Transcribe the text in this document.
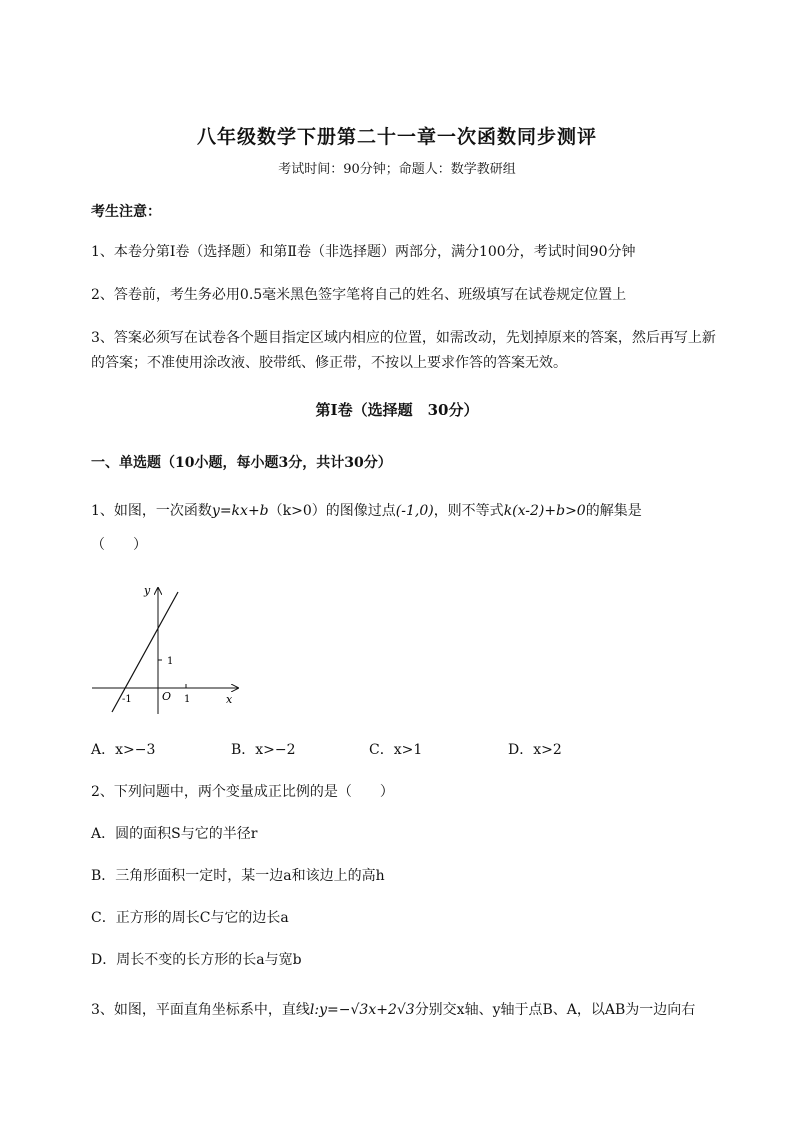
八年级数学下册第二十一章一次函数同步测评
考试时间：90分钟；命题人：数学教研组
考生注意：
1、本卷分第Ⅰ卷（选择题）和第Ⅱ卷（非选择题）两部分，满分100分，考试时间90分钟
2、答卷前，考生务必用0.5毫米黑色签字笔将自己的姓名、班级填写在试卷规定位置上
3、答案必须写在试卷各个题目指定区域内相应的位置，如需改动，先划掉原来的答案，然后再写上新
的答案；不准使用涂改液、胶带纸、修正带，不按以上要求作答的答案无效。
第Ⅰ卷（选择题　30分）
一、单选题（10小题，每小题3分，共计30分）
1、如图，一次函数y=kx+b（k>0）的图像过点(-1,0)，则不等式k(x-2)+b>0的解集是
（　　）
y
x
O
1
1
-1
A．x>−3	B．x>−2	C．x>1	D．x>2
2、下列问题中，两个变量成正比例的是（　　）
A．圆的面积S与它的半径r
B．三角形面积一定时，某一边a和该边上的高h
C．正方形的周长C与它的边长a
D．周长不变的长方形的长a与宽b
3、如图，平面直角坐标系中，直线l:y=−√3x+2√3分别交x轴、y轴于点B、A，以AB为一边向右
